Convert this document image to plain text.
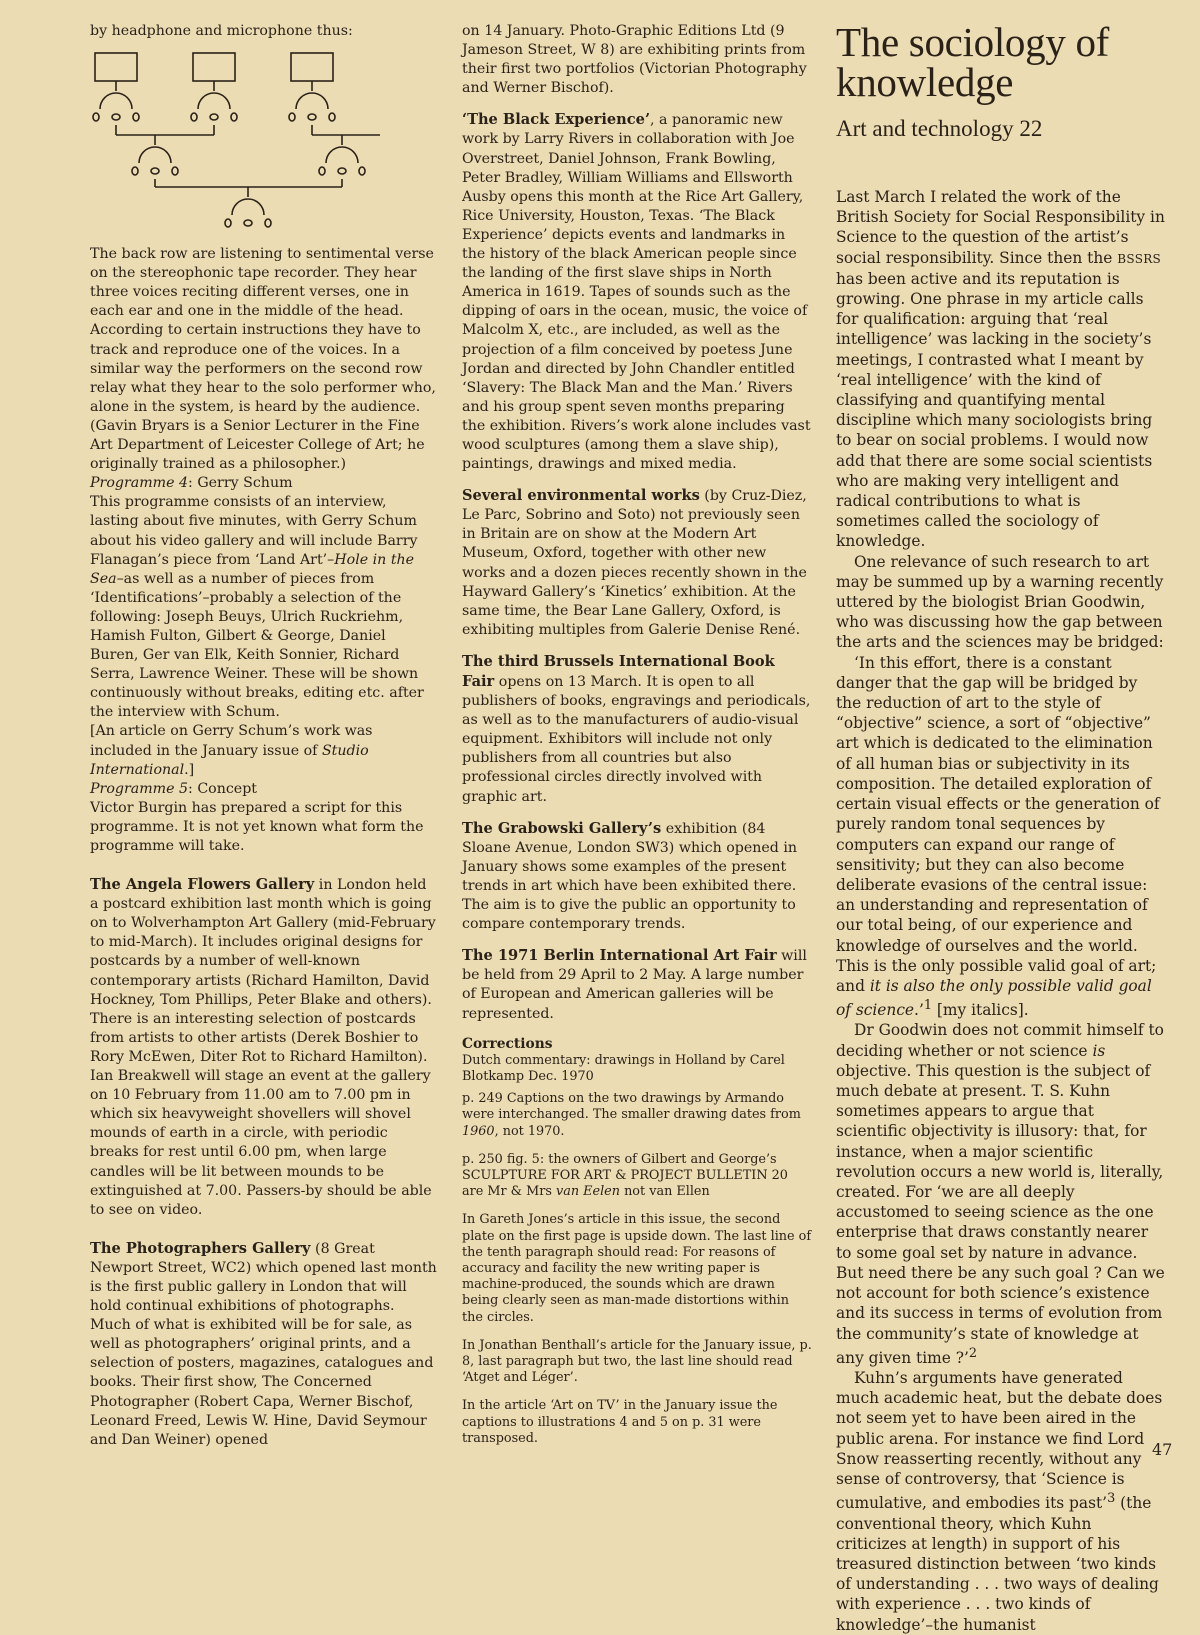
by headphone and microphone thus:

The back row are listening to sentimental verse on the stereophonic tape recorder. They hear three voices reciting different verses, one in each ear and one in the middle of the head. According to certain instructions they have to track and reproduce one of the voices. In a similar way the performers on the second row relay what they hear to the solo performer who, alone in the system, is heard by the audience.

(Gavin Bryars is a Senior Lecturer in the Fine Art Department of Leicester College of Art; he originally trained as a philosopher.)

Programme 4: Gerry Schum

This programme consists of an interview, lasting about five minutes, with Gerry Schum about his video gallery and will include Barry Flanagan’s piece from ‘Land Art’–Hole in the Sea–as well as a number of pieces from ‘Identifications’–probably a selection of the following: Joseph Beuys, Ulrich Ruckriehm, Hamish Fulton, Gilbert & George, Daniel Buren, Ger van Elk, Keith Sonnier, Richard Serra, Lawrence Weiner. These will be shown continuously without breaks, editing etc. after the interview with Schum.

[An article on Gerry Schum’s work was included in the January issue of Studio International.]

Programme 5: Concept

Victor Burgin has prepared a script for this programme. It is not yet known what form the programme will take.

The Angela Flowers Gallery in London held a postcard exhibition last month which is going on to Wolverhampton Art Gallery (mid-February to mid-March). It includes original designs for postcards by a number of well-known contemporary artists (Richard Hamilton, David Hockney, Tom Phillips, Peter Blake and others). There is an interesting selection of postcards from artists to other artists (Derek Boshier to Rory McEwen, Diter Rot to Richard Hamilton). Ian Breakwell will stage an event at the gallery on 10 February from 11.00 am to 7.00 pm in which six heavyweight shovellers will shovel mounds of earth in a circle, with periodic breaks for rest until 6.00 pm, when large candles will be lit between mounds to be extinguished at 7.00. Passers-by should be able to see on video.

The Photographers Gallery (8 Great Newport Street, WC2) which opened last month is the first public gallery in London that will hold continual exhibitions of photographs. Much of what is exhibited will be for sale, as well as photographers’ original prints, and a selection of posters, magazines, catalogues and books. Their first show, The Concerned Photographer (Robert Capa, Werner Bischof, Leonard Freed, Lewis W. Hine, David Seymour and Dan Weiner) opened

on 14 January. Photo-Graphic Editions Ltd (9 Jameson Street, W 8) are exhibiting prints from their first two portfolios (Victorian Photography and Werner Bischof).

‘The Black Experience’, a panoramic new work by Larry Rivers in collaboration with Joe Overstreet, Daniel Johnson, Frank Bowling, Peter Bradley, William Williams and Ellsworth Ausby opens this month at the Rice Art Gallery, Rice University, Houston, Texas. ‘The Black Experience’ depicts events and landmarks in the history of the black American people since the landing of the first slave ships in North America in 1619. Tapes of sounds such as the dipping of oars in the ocean, music, the voice of Malcolm X, etc., are included, as well as the projection of a film conceived by poetess June Jordan and directed by John Chandler entitled ‘Slavery: The Black Man and the Man.’ Rivers and his group spent seven months preparing the exhibition. Rivers’s work alone includes vast wood sculptures (among them a slave ship), paintings, drawings and mixed media.

Several environmental works (by Cruz-Diez, Le Parc, Sobrino and Soto) not previously seen in Britain are on show at the Modern Art Museum, Oxford, together with other new works and a dozen pieces recently shown in the Hayward Gallery’s ‘Kinetics’ exhibition. At the same time, the Bear Lane Gallery, Oxford, is exhibiting multiples from Galerie Denise René.

The third Brussels International Book Fair opens on 13 March. It is open to all publishers of books, engravings and periodicals, as well as to the manufacturers of audio-visual equipment. Exhibitors will include not only publishers from all countries but also professional circles directly involved with graphic art.

The Grabowski Gallery’s exhibition (84 Sloane Avenue, London SW3) which opened in January shows some examples of the present trends in art which have been exhibited there. The aim is to give the public an opportunity to compare contemporary trends.

The 1971 Berlin International Art Fair will be held from 29 April to 2 May. A large number of European and American galleries will be represented.

Corrections
Dutch commentary: drawings in Holland by Carel Blotkamp Dec. 1970

p. 249 Captions on the two drawings by Armando were interchanged. The smaller drawing dates from 1960, not 1970.

p. 250 fig. 5: the owners of Gilbert and George’s SCULPTURE FOR ART & PROJECT BULLETIN 20 are Mr & Mrs van Eelen not van Ellen

In Gareth Jones’s article in this issue, the second plate on the first page is upside down. The last line of the tenth paragraph should read: For reasons of accuracy and facility the new writing paper is machine-produced, the sounds which are drawn being clearly seen as man-made distortions within the circles.

In Jonathan Benthall’s article for the January issue, p. 8, last paragraph but two, the last line should read ‘Atget and Léger’.

In the article ‘Art on TV’ in the January issue the captions to illustrations 4 and 5 on p. 31 were transposed.

The sociology of knowledge
Art and technology 22

Last March I related the work of the British Society for Social Responsibility in Science to the question of the artist’s social responsibility. Since then the BSSRS has been active and its reputation is growing. One phrase in my article calls for qualification: arguing that ‘real intelligence’ was lacking in the society’s meetings, I contrasted what I meant by ‘real intelligence’ with the kind of classifying and quantifying mental discipline which many sociologists bring to bear on social problems. I would now add that there are some social scientists who are making very intelligent and radical contributions to what is sometimes called the sociology of knowledge.

One relevance of such research to art may be summed up by a warning recently uttered by the biologist Brian Goodwin, who was discussing how the gap between the arts and the sciences may be bridged:

‘In this effort, there is a constant danger that the gap will be bridged by the reduction of art to the style of “objective” science, a sort of “objective” art which is dedicated to the elimination of all human bias or subjectivity in its composition. The detailed exploration of certain visual effects or the generation of purely random tonal sequences by computers can expand our range of sensitivity; but they can also become deliberate evasions of the central issue: an understanding and representation of our total being, of our experience and knowledge of ourselves and the world. This is the only possible valid goal of art; and it is also the only possible valid goal of science.’$^1$ [my italics].

Dr Goodwin does not commit himself to deciding whether or not science is objective. This question is the subject of much debate at present. T. S. Kuhn sometimes appears to argue that scientific objectivity is illusory: that, for instance, when a major scientific revolution occurs a new world is, literally, created. For ‘we are all deeply accustomed to seeing science as the one enterprise that draws constantly nearer to some goal set by nature in advance. But need there be any such goal ? Can we not account for both science’s existence and its success in terms of evolution from the community’s state of knowledge at any given time ?’$^2$

Kuhn’s arguments have generated much academic heat, but the debate does not seem yet to have been aired in the public arena. For instance we find Lord Snow reasserting recently, without any sense of controversy, that ‘Science is cumulative, and embodies its past’$^3$ (the conventional theory, which Kuhn criticizes at length) in support of his treasured distinction between ‘two kinds of understanding . . . two ways of dealing with experience . . . two kinds of knowledge’–the humanist

47
